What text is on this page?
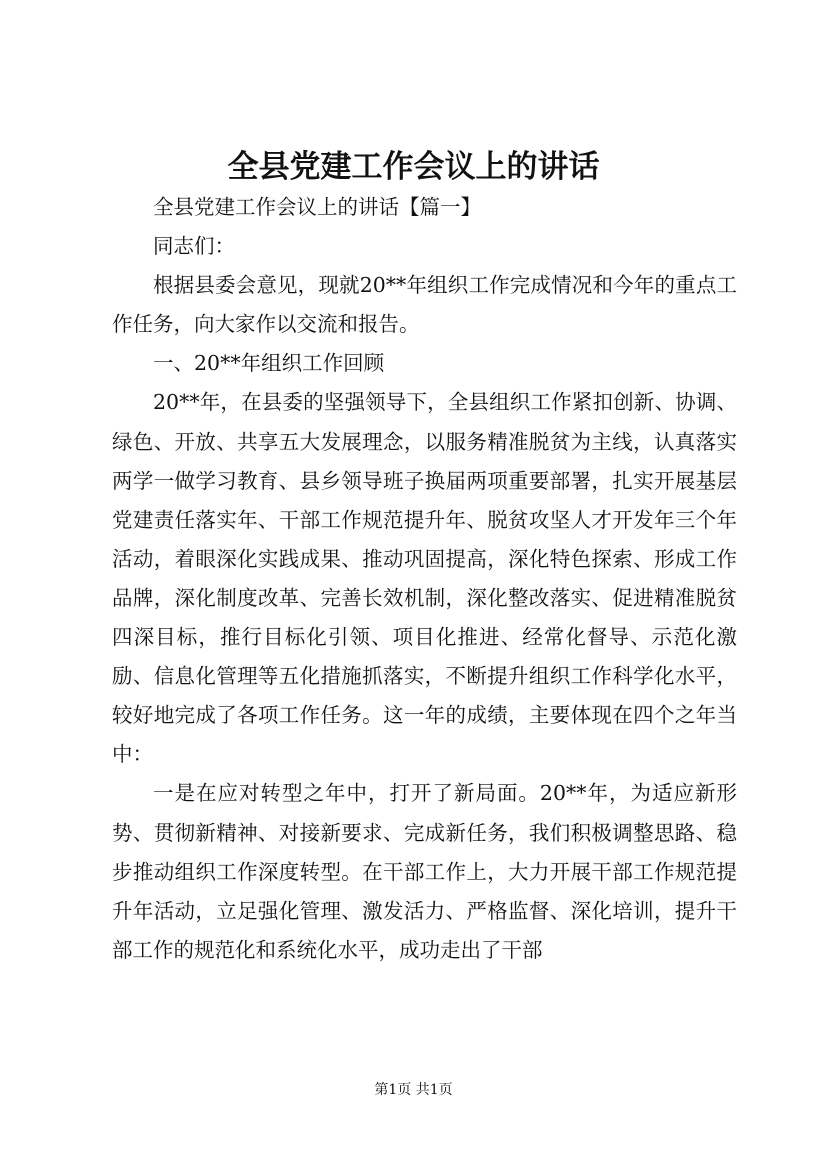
全县党建工作会议上的讲话

全县党建工作会议上的讲话【篇一】

同志们：

根据县委会意见，现就20**年组织工作完成情况和今年的重点工作任务，向大家作以交流和报告。

一、20**年组织工作回顾

20**年，在县委的坚强领导下，全县组织工作紧扣创新、协调、绿色、开放、共享五大发展理念，以服务精准脱贫为主线，认真落实两学一做学习教育、县乡领导班子换届两项重要部署，扎实开展基层党建责任落实年、干部工作规范提升年、脱贫攻坚人才开发年三个年活动，着眼深化实践成果、推动巩固提高，深化特色探索、形成工作品牌，深化制度改革、完善长效机制，深化整改落实、促进精准脱贫四深目标，推行目标化引领、项目化推进、经常化督导、示范化激励、信息化管理等五化措施抓落实，不断提升组织工作科学化水平，较好地完成了各项工作任务。这一年的成绩，主要体现在四个之年当中：

一是在应对转型之年中，打开了新局面。20**年，为适应新形势、贯彻新精神、对接新要求、完成新任务，我们积极调整思路、稳步推动组织工作深度转型。在干部工作上，大力开展干部工作规范提升年活动，立足强化管理、激发活力、严格监督、深化培训，提升干部工作的规范化和系统化水平，成功走出了干部

第1页 共1页
